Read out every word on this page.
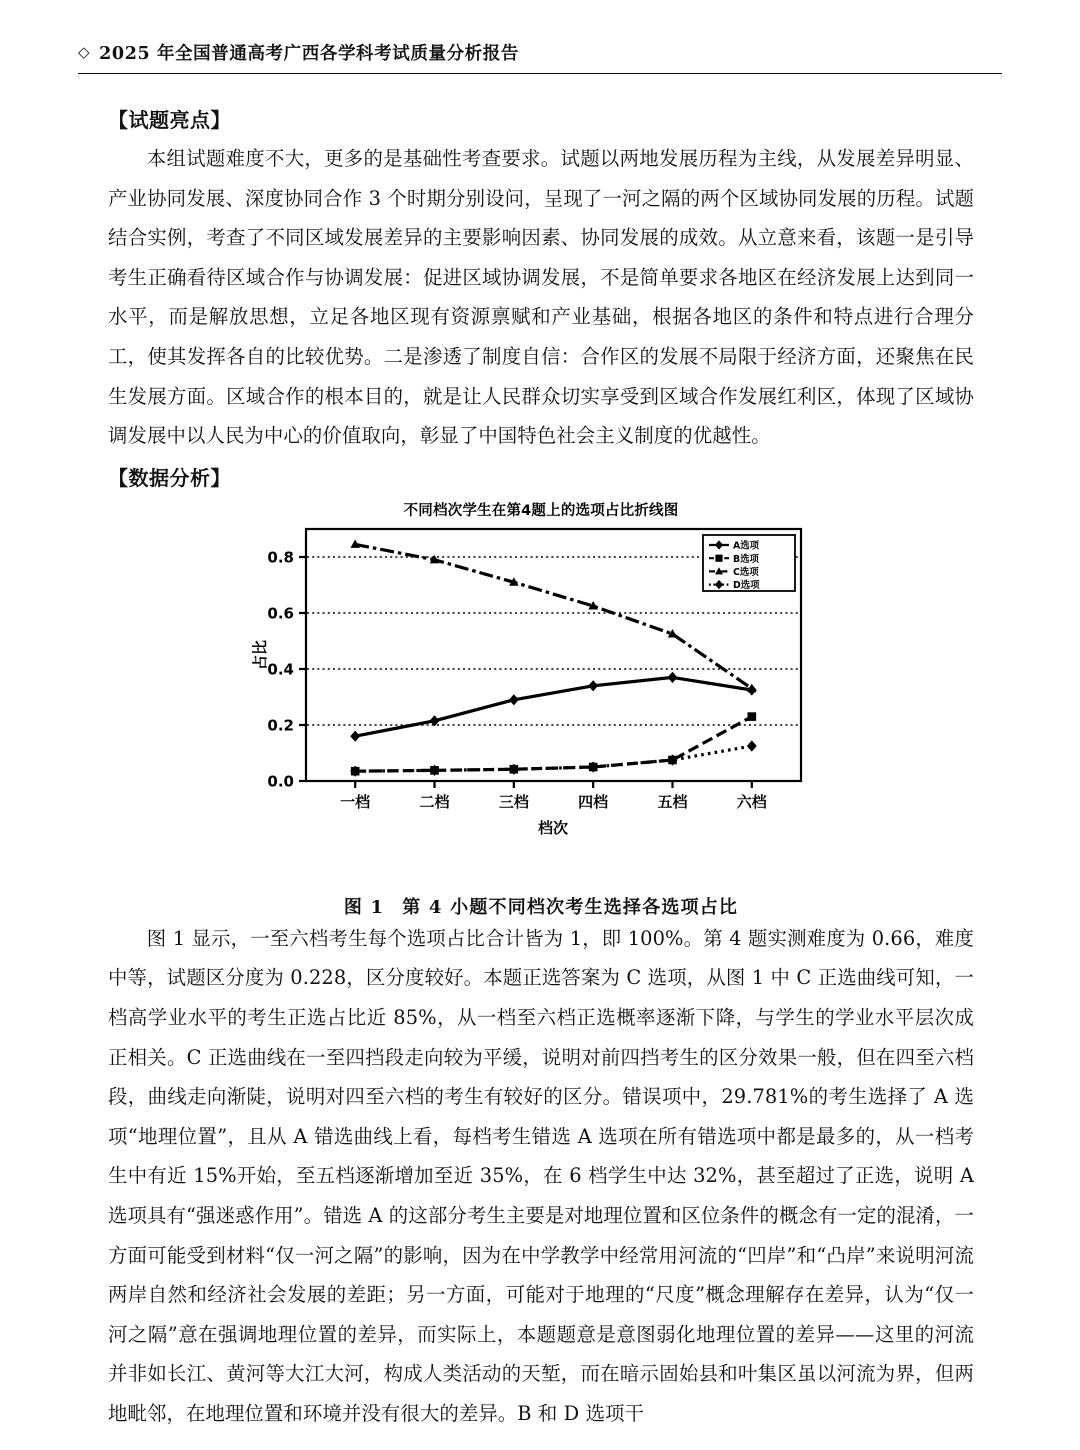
◇ 2025 年全国普通高考广西各学科考试质量分析报告
【试题亮点】

本组试题难度不大，更多的是基础性考查要求。试题以两地发展历程为主线，从发展差异明显、产业协同发展、深度协同合作 3 个时期分别设问，呈现了一河之隔的两个区域协同发展的历程。试题结合实例，考查了不同区域发展差异的主要影响因素、协同发展的成效。从立意来看，该题一是引导考生正确看待区域合作与协调发展：促进区域协调发展，不是简单要求各地区在经济发展上达到同一水平，而是解放思想，立足各地区现有资源禀赋和产业基础，根据各地区的条件和特点进行合理分工，使其发挥各自的比较优势。二是渗透了制度自信：合作区的发展不局限于经济方面，还聚焦在民生发展方面。区域合作的根本目的，就是让人民群众切实享受到区域合作发展红利区，体现了区域协调发展中以人民为中心的价值取向，彰显了中国特色社会主义制度的优越性。

【数据分析】
不同档次学生在第4题上的选项占比折线图
0.0
0.2
0.4
0.6
0.8
一档	二档	三档	四档	五档	六档
占比
档次
A选项
B选项
C选项
D选项
图 1 第 4 小题不同档次考生选择各选项占比

图 1 显示，一至六档考生每个选项占比合计皆为 1，即 100%。第 4 题实测难度为 0.66，难度中等，试题区分度为 0.228，区分度较好。本题正选答案为 C 选项，从图 1 中 C 正选曲线可知，一档高学业水平的考生正选占比近 85%，从一档至六档正选概率逐渐下降，与学生的学业水平层次成正相关。C 正选曲线在一至四挡段走向较为平缓，说明对前四挡考生的区分效果一般，但在四至六档段，曲线走向渐陡，说明对四至六档的考生有较好的区分。错误项中，29.781%的考生选择了 A 选项“地理位置”，且从 A 错选曲线上看，每档考生错选 A 选项在所有错选项中都是最多的，从一档考生中有近 15%开始，至五档逐渐增加至近 35%，在 6 档学生中达 32%，甚至超过了正选，说明 A 选项具有“强迷惑作用”。错选 A 的这部分考生主要是对地理位置和区位条件的概念有一定的混淆，一方面可能受到材料“仅一河之隔”的影响，因为在中学教学中经常用河流的“凹岸”和“凸岸”来说明河流两岸自然和经济社会发展的差距；另一方面，可能对于地理的“尺度”概念理解存在差异，认为“仅一河之隔”意在强调地理位置的差异，而实际上，本题题意是意图弱化地理位置的差异——这里的河流并非如长江、黄河等大江大河，构成人类活动的天堑，而在暗示固始县和叶集区虽以河流为界，但两地毗邻，在地理位置和环境并没有很大的差异。B 和 D 选项干
